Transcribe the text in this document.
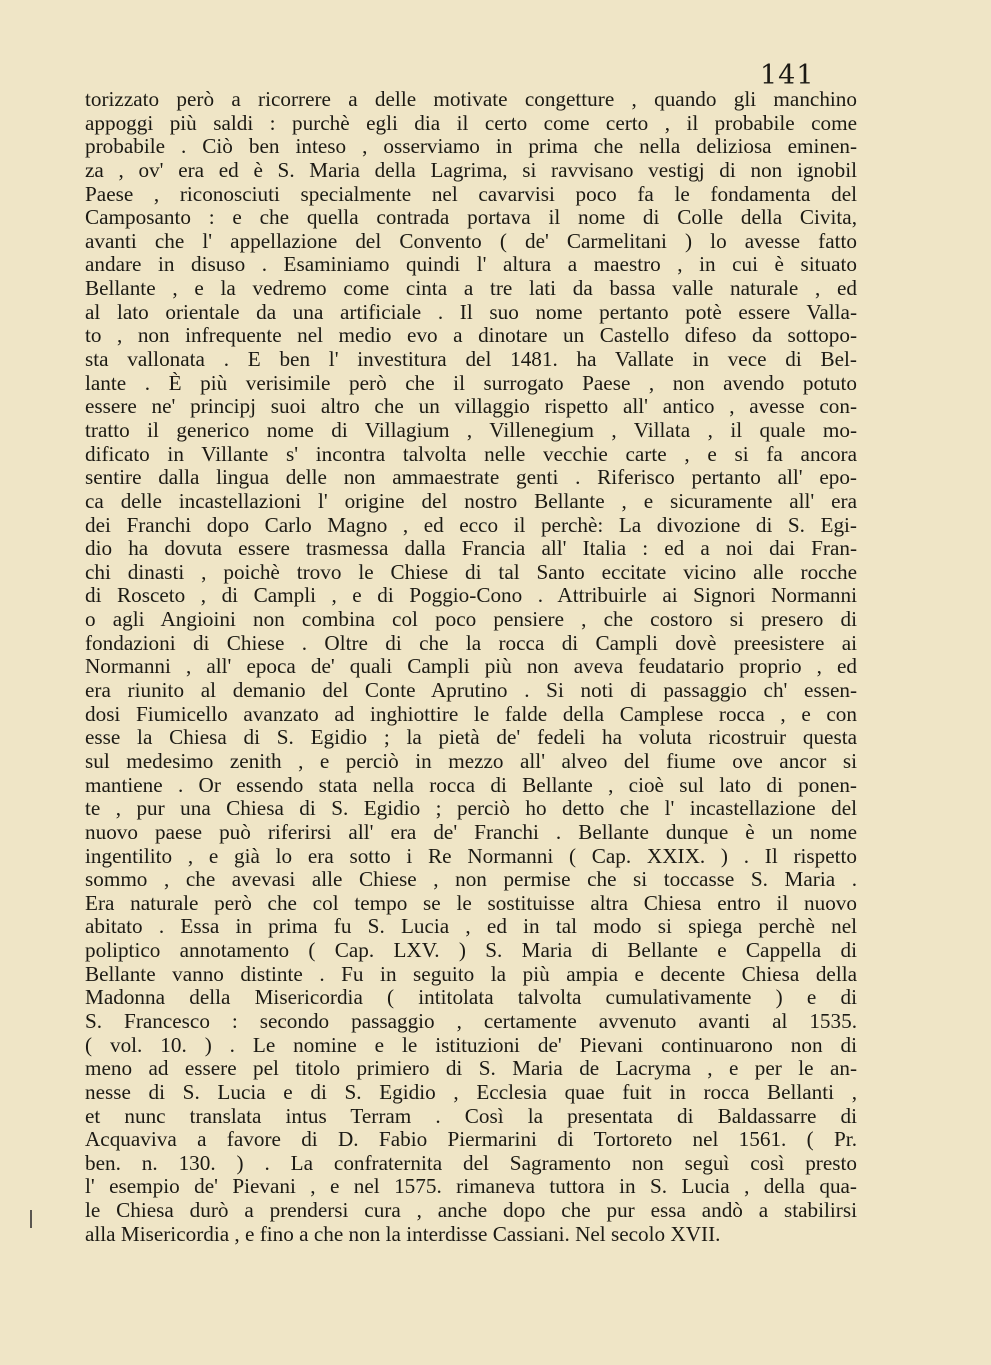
141
torizzato però a ricorrere a delle motivate congetture , quando gli manchino
appoggi più saldi : purchè egli dia il certo come certo , il probabile come
probabile . Ciò ben inteso , osserviamo in prima che nella deliziosa eminen-
za , ov' era ed è S. Maria della Lagrima, si ravvisano vestigj di non ignobil
Paese , riconosciuti specialmente nel cavarvisi poco fa le fondamenta del
Camposanto : e che quella contrada portava il nome di Colle della Civita,
avanti che l' appellazione del Convento ( de' Carmelitani ) lo avesse fatto
andare in disuso . Esaminiamo quindi l' altura a maestro , in cui è situato
Bellante , e la vedremo come cinta a tre lati da bassa valle naturale , ed
al lato orientale da una artificiale . Il suo nome pertanto potè essere Valla-
to , non infrequente nel medio evo a dinotare un Castello difeso da sottopo-
sta vallonata . E ben l' investitura del 1481. ha Vallate in vece di Bel-
lante . È più verisimile però che il surrogato Paese , non avendo potuto
essere ne' principj suoi altro che un villaggio rispetto all' antico , avesse con-
tratto il generico nome di Villagium , Villenegium , Villata , il quale mo-
dificato in Villante s' incontra talvolta nelle vecchie carte , e si fa ancora
sentire dalla lingua delle non ammaestrate genti . Riferisco pertanto all' epo-
ca delle incastellazioni l' origine del nostro Bellante , e sicuramente all' era
dei Franchi dopo Carlo Magno , ed ecco il perchè: La divozione di S. Egi-
dio ha dovuta essere trasmessa dalla Francia all' Italia : ed a noi dai Fran-
chi dinasti , poichè trovo le Chiese di tal Santo eccitate vicino alle rocche
di Rosceto , di Campli , e di Poggio-Cono . Attribuirle ai Signori Normanni
o agli Angioini non combina col poco pensiere , che costoro si presero di
fondazioni di Chiese . Oltre di che la rocca di Campli dovè preesistere ai
Normanni , all' epoca de' quali Campli più non aveva feudatario proprio , ed
era riunito al demanio del Conte Aprutino . Si noti di passaggio ch' essen-
dosi Fiumicello avanzato ad inghiottire le falde della Camplese rocca , e con
esse la Chiesa di S. Egidio ; la pietà de' fedeli ha voluta ricostruir questa
sul medesimo zenith , e perciò in mezzo all' alveo del fiume ove ancor si
mantiene . Or essendo stata nella rocca di Bellante , cioè sul lato di ponen-
te , pur una Chiesa di S. Egidio ; perciò ho detto che l' incastellazione del
nuovo paese può riferirsi all' era de' Franchi . Bellante dunque è un nome
ingentilito , e già lo era sotto i Re Normanni ( Cap. XXIX. ) . Il rispetto
sommo , che avevasi alle Chiese , non permise che si toccasse S. Maria .
Era naturale però che col tempo se le sostituisse altra Chiesa entro il nuovo
abitato . Essa in prima fu S. Lucia , ed in tal modo si spiega perchè nel
poliptico annotamento ( Cap. LXV. ) S. Maria di Bellante e Cappella di
Bellante vanno distinte . Fu in seguito la più ampia e decente Chiesa della
Madonna della Misericordia ( intitolata talvolta cumulativamente ) e di
S. Francesco : secondo passaggio , certamente avvenuto avanti al 1535.
( vol. 10. ) . Le nomine e le istituzioni de' Pievani continuarono non di
meno ad essere pel titolo primiero di S. Maria de Lacryma , e per le an-
nesse di S. Lucia e di S. Egidio , Ecclesia quae fuit in rocca Bellanti ,
et nunc translata intus Terram . Così la presentata di Baldassarre di
Acquaviva a favore di D. Fabio Piermarini di Tortoreto nel 1561. ( Pr.
ben. n. 130. ) . La confraternita del Sagramento non seguì così presto
l' esempio de' Pievani , e nel 1575. rimaneva tuttora in S. Lucia , della qua-
le Chiesa durò a prendersi cura , anche dopo che pur essa andò a stabilirsi
alla Misericordia , e fino a che non la interdisse Cassiani. Nel secolo XVII.
